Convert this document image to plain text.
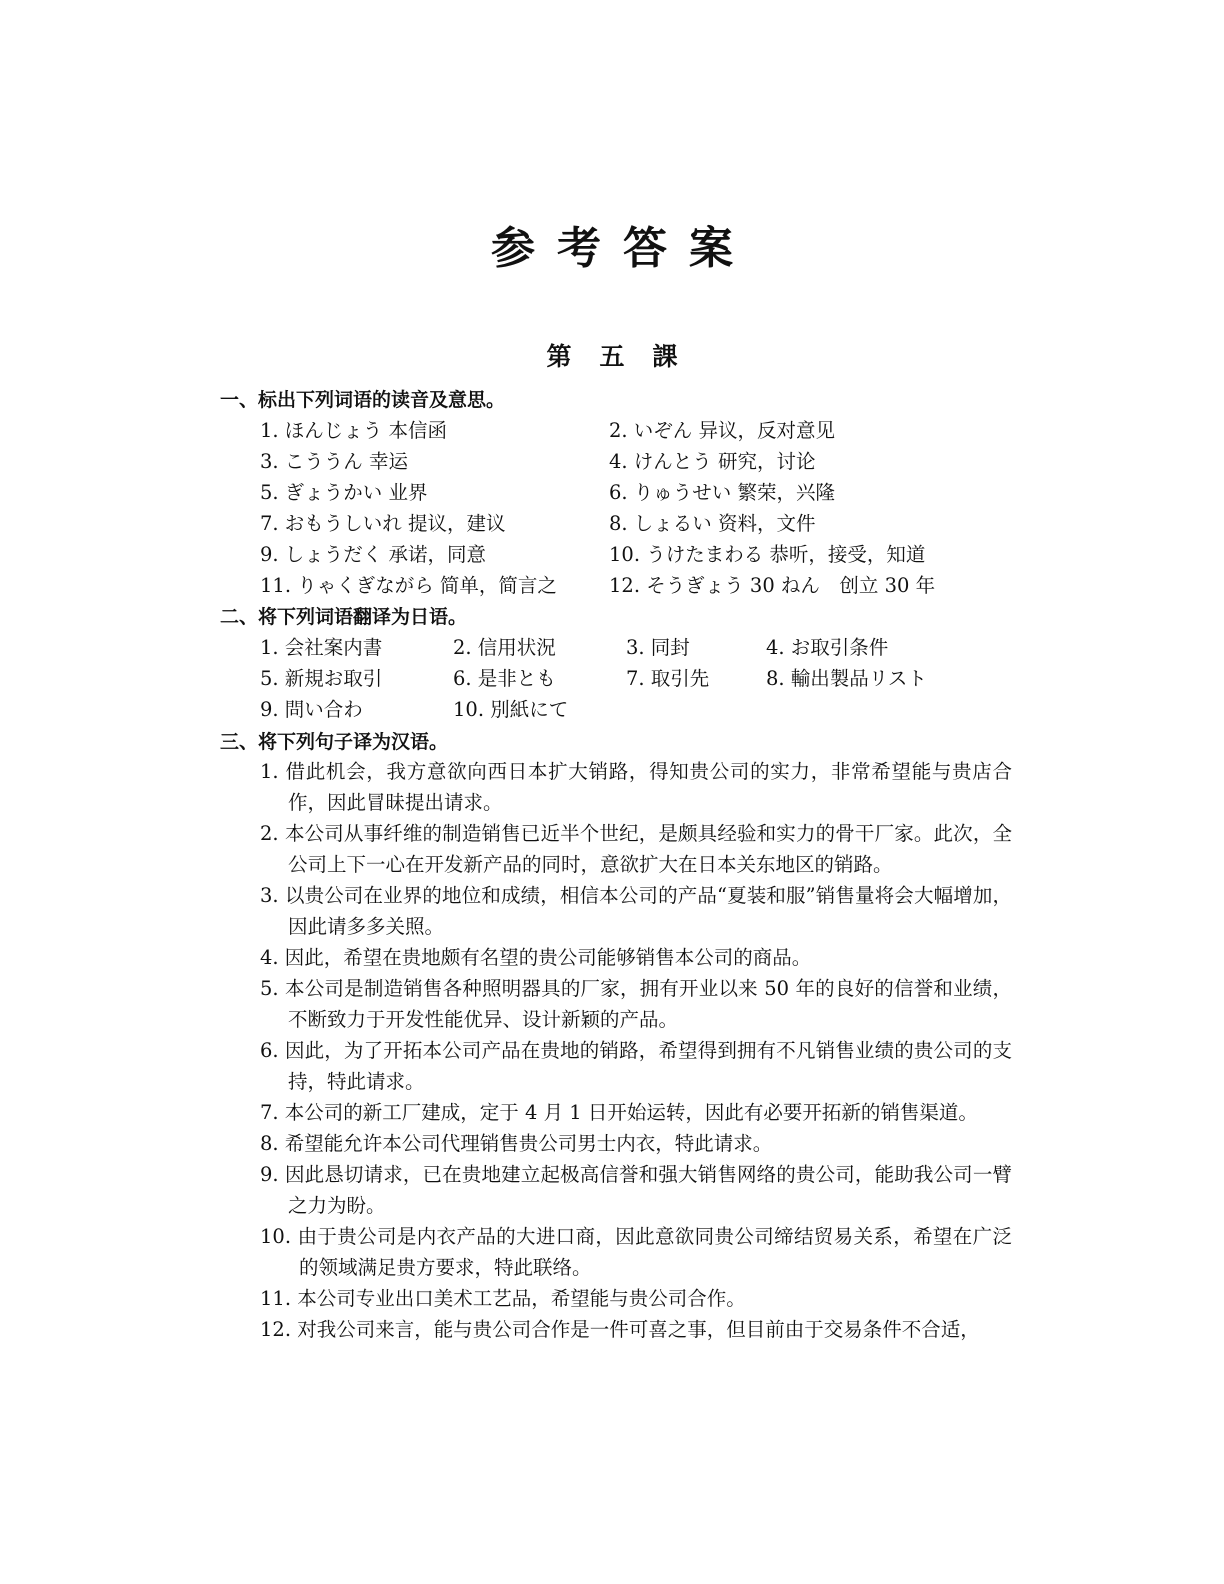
参考答案
第五課
一、标出下列词语的读音及意思。
1. ほんじょう 本信函	2. いぞん 异议，反对意见
3. こううん 幸运	4. けんとう 研究，讨论
5. ぎょうかい 业界	6. りゅうせい 繁荣，兴隆
7. おもうしいれ 提议，建议	8. しょるい 资料，文件
9. しょうだく 承诺，同意	10. うけたまわる 恭听，接受，知道
11. りゃくぎながら 简单，简言之	12. そうぎょう 30 ねん　创立 30 年
二、将下列词语翻译为日语。
1. 会社案内書	2. 信用状況	3. 同封	4. お取引条件
5. 新規お取引	6. 是非とも	7. 取引先	8. 輸出製品リスト
9. 問い合わ	10. 別紙にて
三、将下列句子译为汉语。
1. 借此机会，我方意欲向西日本扩大销路，得知贵公司的实力，非常希望能与贵店合作，因此冒昧提出请求。
2. 本公司从事纤维的制造销售已近半个世纪，是颇具经验和实力的骨干厂家。此次，全公司上下一心在开发新产品的同时，意欲扩大在日本关东地区的销路。
3. 以贵公司在业界的地位和成绩，相信本公司的产品“夏装和服”销售量将会大幅增加，因此请多多关照。
4. 因此，希望在贵地颇有名望的贵公司能够销售本公司的商品。
5. 本公司是制造销售各种照明器具的厂家，拥有开业以来 50 年的良好的信誉和业绩，不断致力于开发性能优异、设计新颖的产品。
6. 因此，为了开拓本公司产品在贵地的销路，希望得到拥有不凡销售业绩的贵公司的支持，特此请求。
7. 本公司的新工厂建成，定于 4 月 1 日开始运转，因此有必要开拓新的销售渠道。
8. 希望能允许本公司代理销售贵公司男士内衣，特此请求。
9. 因此恳切请求，已在贵地建立起极高信誉和强大销售网络的贵公司，能助我公司一臂之力为盼。
10. 由于贵公司是内衣产品的大进口商，因此意欲同贵公司缔结贸易关系，希望在广泛的领域满足贵方要求，特此联络。
11. 本公司专业出口美术工艺品，希望能与贵公司合作。
12. 对我公司来言，能与贵公司合作是一件可喜之事，但目前由于交易条件不合适，
